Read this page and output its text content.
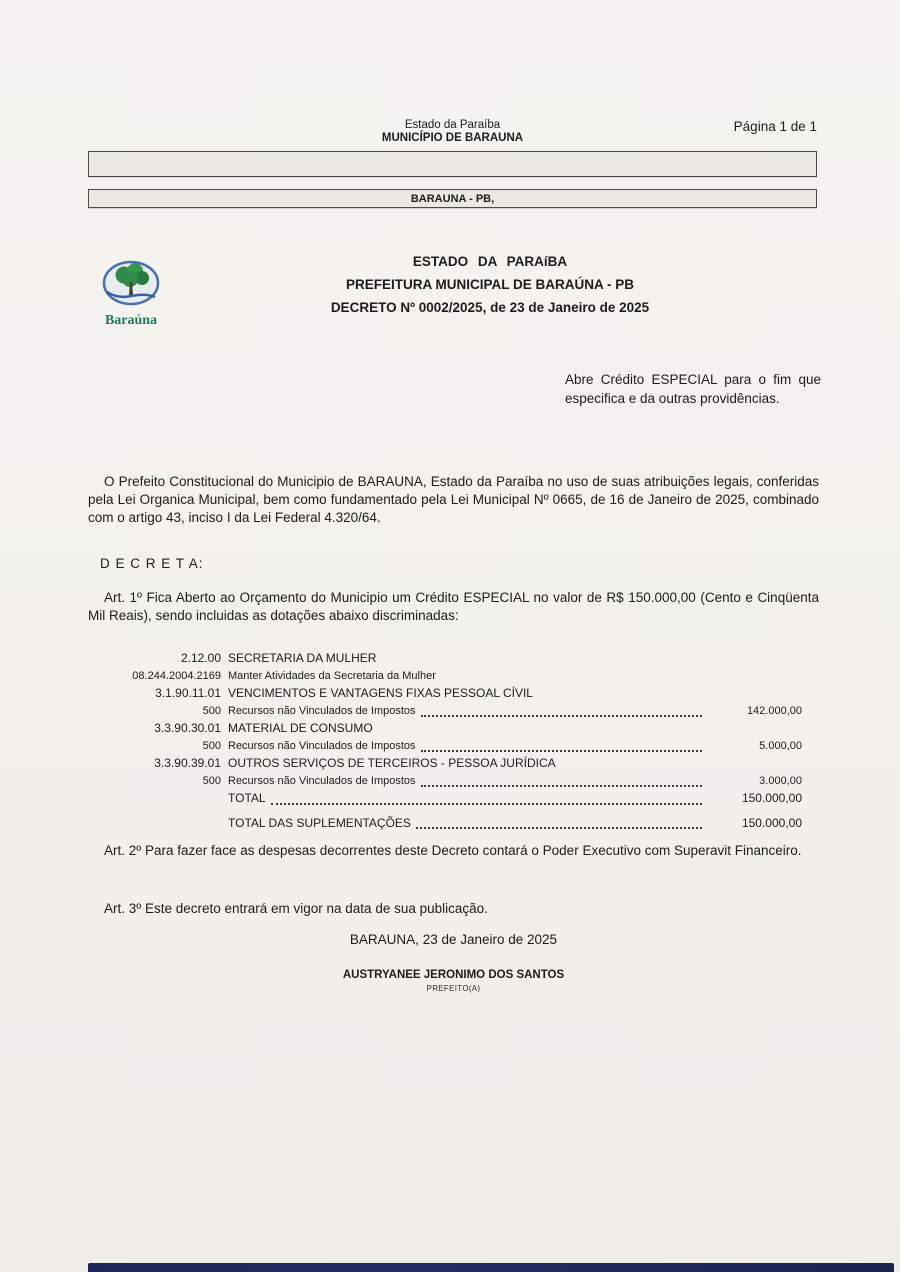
Estado da Paraíba
MUNICÍPIO DE BARAUNA
Página 1 de 1
BARAUNA - PB,
Baraúna
ESTADO DA PARAíBA
PREFEITURA MUNICIPAL DE BARAÚNA - PB
DECRETO Nº 0002/2025, de 23 de Janeiro de 2025
Abre Crédito ESPECIAL para o fim que especifica e da outras providências.
O Prefeito Constitucional do Municipio de BARAUNA, Estado da Paraíba no uso de suas atribuições legais, conferidas pela Lei Organica Municipal, bem como fundamentado pela Lei Municipal Nº 0665, de 16 de Janeiro de 2025, combinado com o artigo 43, inciso I da Lei Federal 4.320/64.
D E C R E T A:
Art. 1º Fica Aberto ao Orçamento do Municipio um Crédito ESPECIAL no valor de R$ 150.000,00 (Cento e Cinqüenta Mil Reais), sendo incluidas as dotações abaixo discriminadas:
2.12.00 SECRETARIA DA MULHER
08.244.2004.2169 Manter Atividades da Secretaria da Mulher
3.1.90.11.01 VENCIMENTOS E VANTAGENS FIXAS PESSOAL CÍVIL
500 Recursos não Vinculados de Impostos	142.000,00
3.3.90.30.01 MATERIAL DE CONSUMO
500 Recursos não Vinculados de Impostos	5.000,00
3.3.90.39.01 OUTROS SERVIÇOS DE TERCEIROS - PESSOA JURÍDICA
500 Recursos não Vinculados de Impostos	3.000,00
TOTAL	150.000,00
TOTAL DAS SUPLEMENTAÇÕES	150.000,00
Art. 2º Para fazer face as despesas decorrentes deste Decreto contará o Poder Executivo com Superavit Financeiro.
Art. 3º Este decreto entrará em vigor na data de sua publicação.
BARAUNA, 23 de Janeiro de 2025
AUSTRYANEE JERONIMO DOS SANTOS
PREFEITO(A)
